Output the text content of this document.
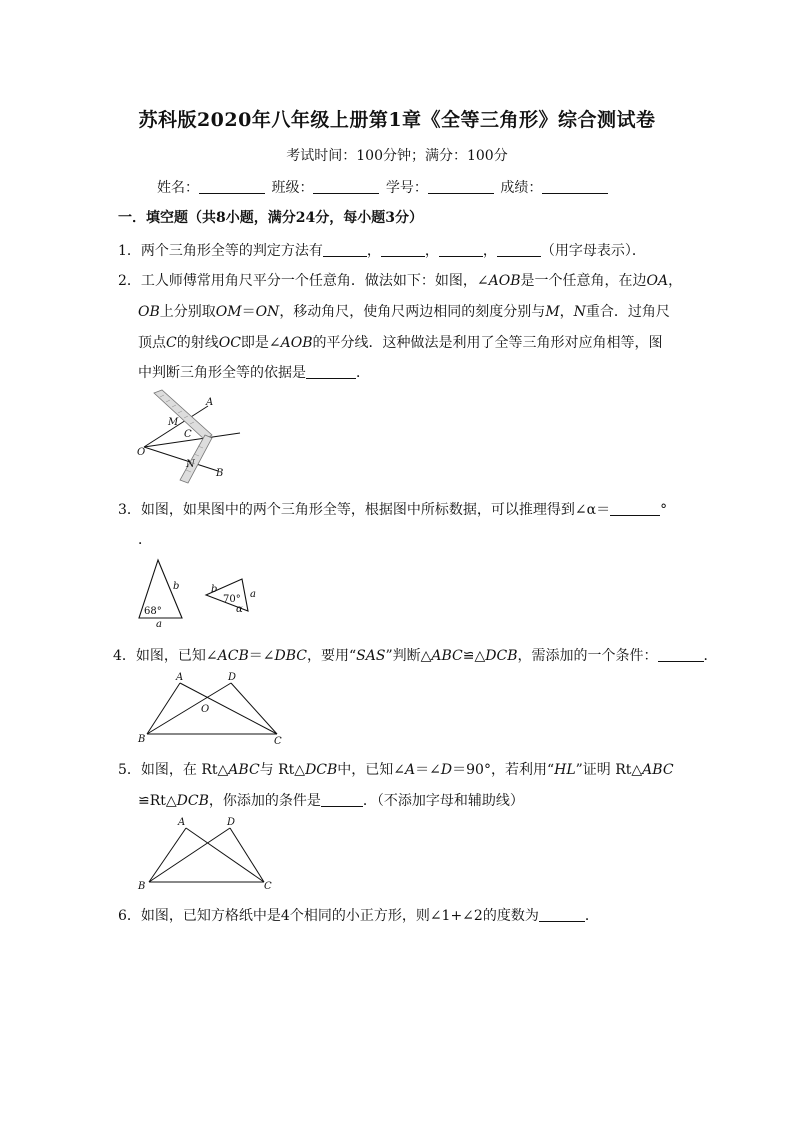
苏科版2020年八年级上册第1章《全等三角形》综合测试卷
考试时间：100分钟；满分：100分
姓名：	班级：	学号：	成绩：
一．填空题（共8小题，满分24分，每小题3分）
1．两个三角形全等的判定方法有	，	，	，	（用字母表示）．
2．工人师傅常用角尺平分一个任意角．做法如下：如图，∠AOB是一个任意角，在边OA，
OB上分别取OM＝ON，移动角尺，使角尺两边相同的刻度分别与M，N重合．过角尺
顶点C的射线OC即是∠AOB的平分线．这种做法是利用了全等三角形对应角相等，图
中判断三角形全等的依据是	．
A
M
C
O
N
B
3．如图，如果图中的两个三角形全等，根据图中所标数据，可以推理得到∠α＝	°
．
b
68°
a
b
70° a
α
4．如图，已知∠ACB＝∠DBC，要用“SAS”判断△ABC≌△DCB，需添加的一个条件：	．
A	D
O
B	C
5．如图，在 Rt△ABC与 Rt△DCB中，已知∠A＝∠D＝90°，若利用“HL”证明 Rt△ABC
≌Rt△DCB，你添加的条件是	．（不添加字母和辅助线）
A	D
B	C
6．如图，已知方格纸中是4个相同的小正方形，则∠1+∠2的度数为	．
